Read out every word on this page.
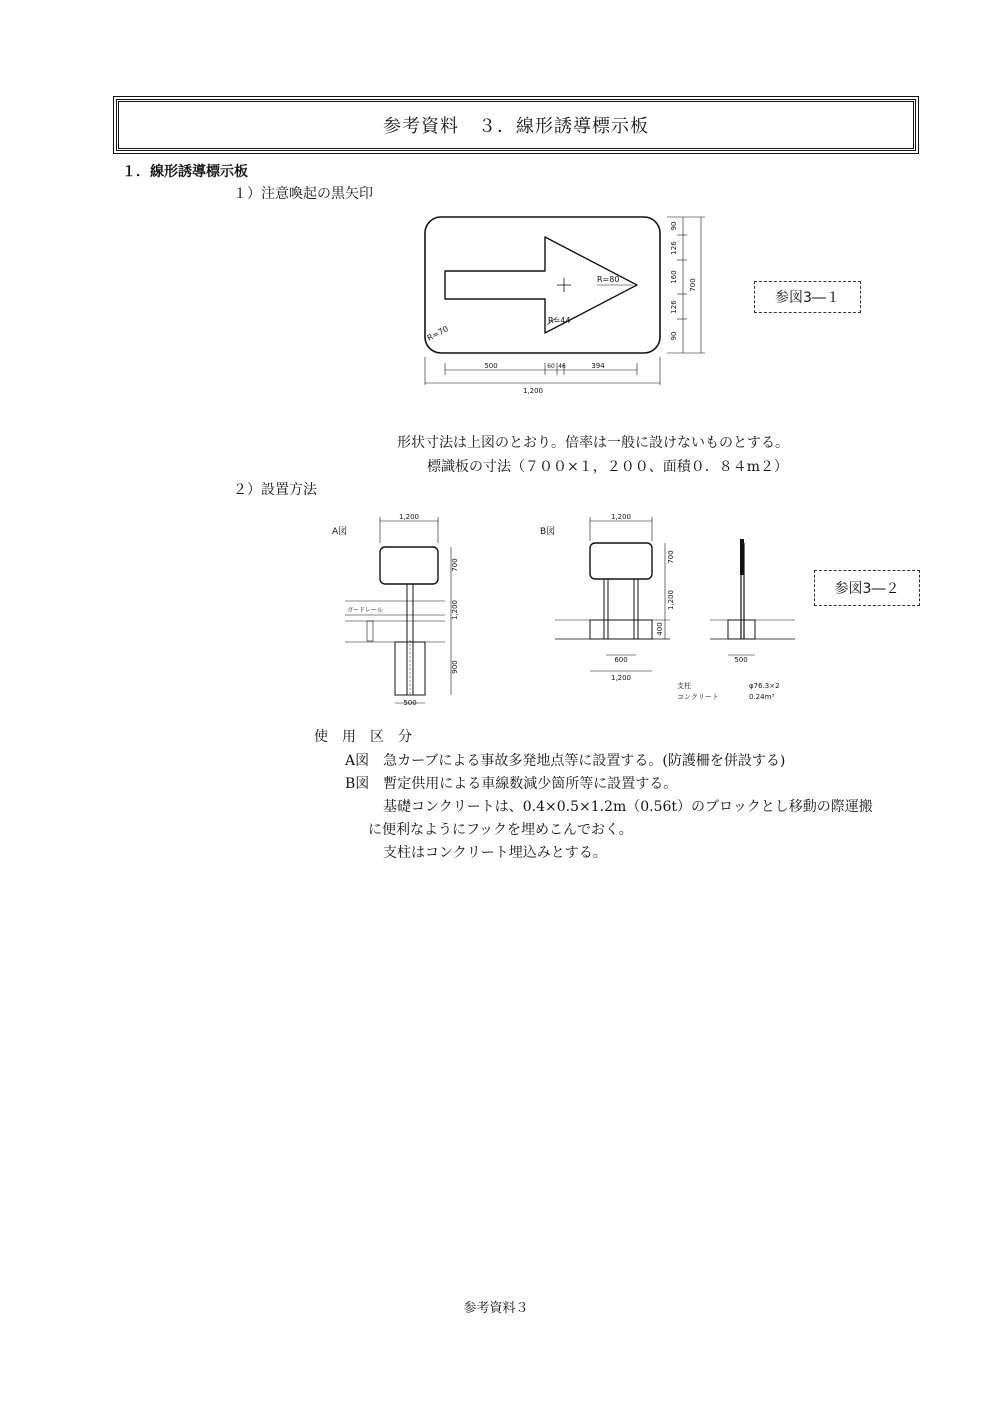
参考資料　３．線形誘導標示板
１．線形誘導標示板
１）注意喚起の黒矢印
R=80
R=44
R=70
90
126
160
126
90
700
500	60 46	394
1,200
参図3―１
形状寸法は上図のとおり。倍率は一般に設けないものとする。
標識板の寸法（７００×１，２００、面積０．８４m２）
２）設置方法
A図
1,200
ガードレール
700
1,200
900
500
B図
1,200
700
1,200
400
600
1,200
500
支柱	φ76.3×2
コンクリート	0.24m³
参図3―２
使　用　区　分
A図　急カーブによる事故多発地点等に設置する。(防護柵を併設する)
B図　暫定供用による車線数減少箇所等に設置する。
基礎コンクリートは、0.4×0.5×1.2m（0.56t）のブロックとし移動の際運搬
に便利なようにフックを埋めこんでおく。
支柱はコンクリート埋込みとする。
参考資料３
